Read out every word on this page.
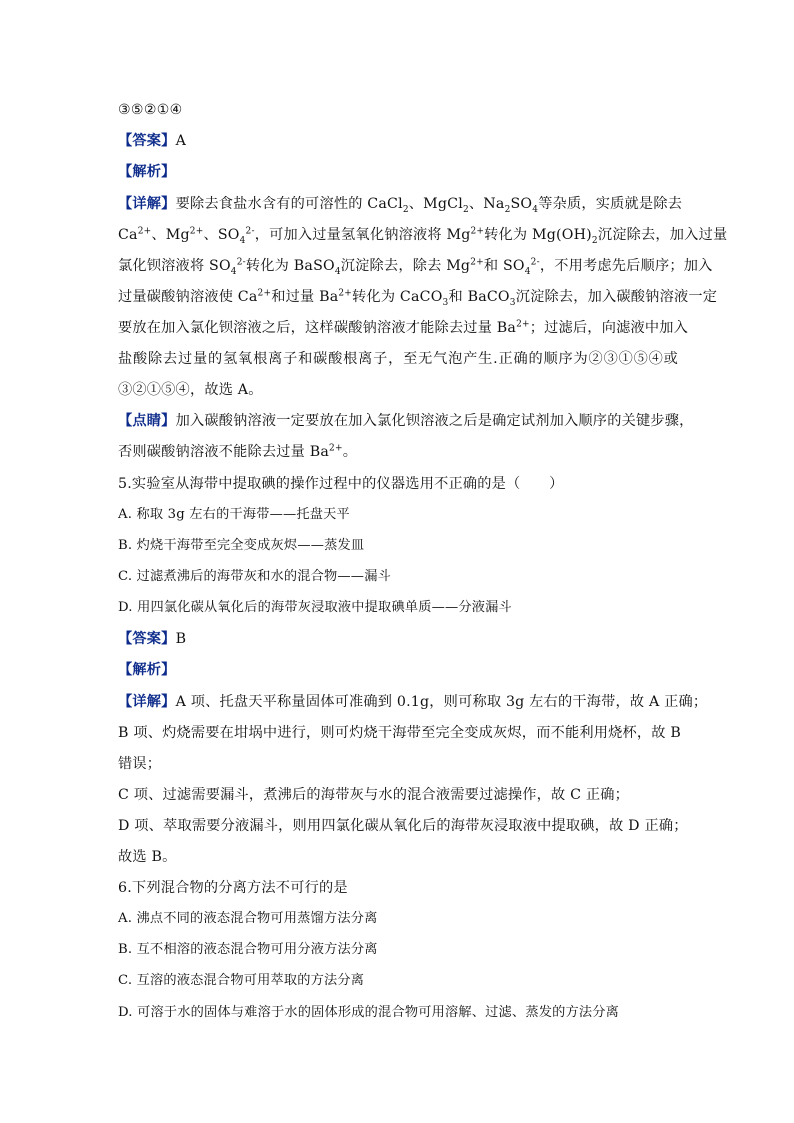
③⑤②①④
【答案】A
【解析】
【详解】要除去食盐水含有的可溶性的 CaCl$_2$、MgCl$_2$、$Na_2SO_4$等杂质，实质就是除去
$Ca^{2+}$、$Mg^{2+}$、$SO_4^{2-}$，可加入过量氢氧化钠溶液将 $Mg^{2+}$转化为 $Mg(OH)_2$沉淀除去，加入过量
氯化钡溶液将 $SO_4^{2-}$转化为 BaSO$_4$沉淀除去，除去 $Mg^{2+}$和 $SO_4^{2-}$，不用考虑先后顺序；加入
过量碳酸钠溶液使 $Ca^{2+}$和过量 $Ba^{2+}$转化为 CaCO$_3$和 BaCO$_3$沉淀除去，加入碳酸钠溶液一定
要放在加入氯化钡溶液之后，这样碳酸钠溶液才能除去过量 $Ba^{2+}$；过滤后，向滤液中加入
盐酸除去过量的氢氧根离子和碳酸根离子，至无气泡产生.正确的顺序为②③①⑤④或
③②①⑤④，故选 A。
【点睛】加入碳酸钠溶液一定要放在加入氯化钡溶液之后是确定试剂加入顺序的关键步骤，
否则碳酸钠溶液不能除去过量 $Ba^{2+}$。
5.实验室从海带中提取碘的操作过程中的仪器选用不正确的是（　　）
A. 称取 3g 左右的干海带——托盘天平
B. 灼烧干海带至完全变成灰烬——蒸发皿
C. 过滤煮沸后的海带灰和水的混合物——漏斗
D. 用四氯化碳从氧化后的海带灰浸取液中提取碘单质——分液漏斗
【答案】B
【解析】
【详解】A 项、托盘天平称量固体可准确到 0.1g，则可称取 3g 左右的干海带，故 A 正确；
B 项、灼烧需要在坩埚中进行，则可灼烧干海带至完全变成灰烬，而不能利用烧杯，故 B
错误；
C 项、过滤需要漏斗，煮沸后的海带灰与水的混合液需要过滤操作，故 C 正确；
D 项、萃取需要分液漏斗，则用四氯化碳从氧化后的海带灰浸取液中提取碘，故 D 正确；
故选 B。
6.下列混合物的分离方法不可行的是
A. 沸点不同的液态混合物可用蒸馏方法分离
B. 互不相溶的液态混合物可用分液方法分离
C. 互溶的液态混合物可用萃取的方法分离
D. 可溶于水的固体与难溶于水的固体形成的混合物可用溶解、过滤、蒸发的方法分离
